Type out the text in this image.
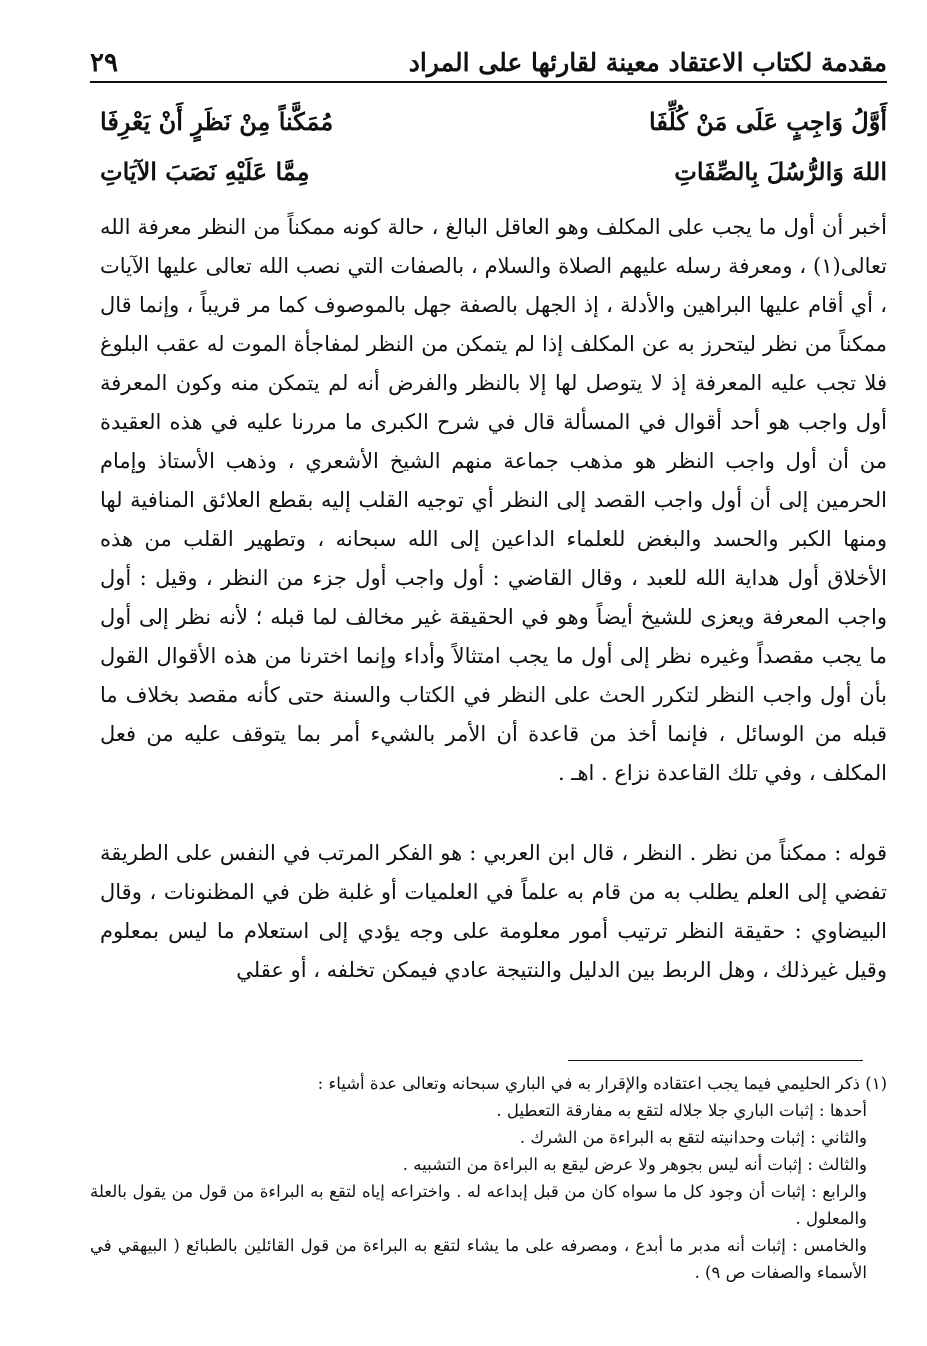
مقدمة لكتاب الاعتقاد معينة لقارئها على المراد
٢٩
أَوَّلُ وَاجِبٍ عَلَى مَنْ كُلِّفَا
مُمَكَّناً مِنْ نَظَرٍ أَنْ يَعْرِفَا
اللهَ وَالرُّسُلَ بِالصِّفَاتِ
مِمَّا عَلَيْهِ نَصَبَ الآيَاتِ

أخبر أن أول ما يجب على المكلف وهو العاقل البالغ ، حالة كونه ممكناً من النظر معرفة الله تعالى(١) ، ومعرفة رسله عليهم الصلاة والسلام ، بالصفات التي نصب الله تعالى عليها الآيات ، أي أقام عليها البراهين والأدلة ، إذ الجهل بالصفة جهل بالموصوف كما مر قريباً ، وإنما قال ممكناً من نظر ليتحرز به عن المكلف إذا لم يتمكن من النظر لمفاجأة الموت له عقب البلوغ فلا تجب عليه المعرفة إذ لا يتوصل لها إلا بالنظر والفرض أنه لم يتمكن منه وكون المعرفة أول واجب هو أحد أقوال في المسألة قال في شرح الكبرى ما مررنا عليه في هذه العقيدة من أن أول واجب النظر هو مذهب جماعة منهم الشيخ الأشعري ، وذهب الأستاذ وإمام الحرمين إلى أن أول واجب القصد إلى النظر أي توجيه القلب إليه بقطع العلائق المنافية لها ومنها الكبر والحسد والبغض للعلماء الداعين إلى الله سبحانه ، وتطهير القلب من هذه الأخلاق أول هداية الله للعبد ، وقال القاضي : أول واجب أول جزء من النظر ، وقيل : أول واجب المعرفة ويعزى للشيخ أيضاً وهو في الحقيقة غير مخالف لما قبله ؛ لأنه نظر إلى أول ما يجب مقصداً وغيره نظر إلى أول ما يجب امتثالاً وأداء وإنما اخترنا من هذه الأقوال القول بأن أول واجب النظر لتكرر الحث على النظر في الكتاب والسنة حتى كأنه مقصد بخلاف ما قبله من الوسائل ، فإنما أخذ من قاعدة أن الأمر بالشيء أمر بما يتوقف عليه من فعل المكلف ، وفي تلك القاعدة نزاع . اهـ .

قوله : ممكناً من نظر . النظر ، قال ابن العربي : هو الفكر المرتب في النفس على الطريقة تفضي إلى العلم يطلب به من قام به علماً في العلميات أو غلبة ظن في المظنونات ، وقال البيضاوي : حقيقة النظر ترتيب أمور معلومة على وجه يؤدي إلى استعلام ما ليس بمعلوم وقيل غيرذلك ، وهل الربط بين الدليل والنتيجة عادي فيمكن تخلفه ، أو عقلي

(١) ذكر الحليمي فيما يجب اعتقاده والإقرار به في الباري سبحانه وتعالى عدة أشياء :

أحدها : إثبات الباري جلا جلاله لتقع به مفارقة التعطيل .

والثاني : إثبات وحدانيته لتقع به البراءة من الشرك .

والثالث : إثبات أنه ليس بجوهر ولا عرض ليقع به البراءة من التشبيه .

والرابع : إثبات أن وجود كل ما سواه كان من قبل إبداعه له . واختراعه إياه لتقع به البراءة من قول من يقول بالعلة والمعلول .

والخامس : إثبات أنه مدبر ما أبدع ، ومصرفه على ما يشاء لتقع به البراءة من قول القائلين بالطبائع ( البيهقي في الأسماء والصفات ص ٩) .
